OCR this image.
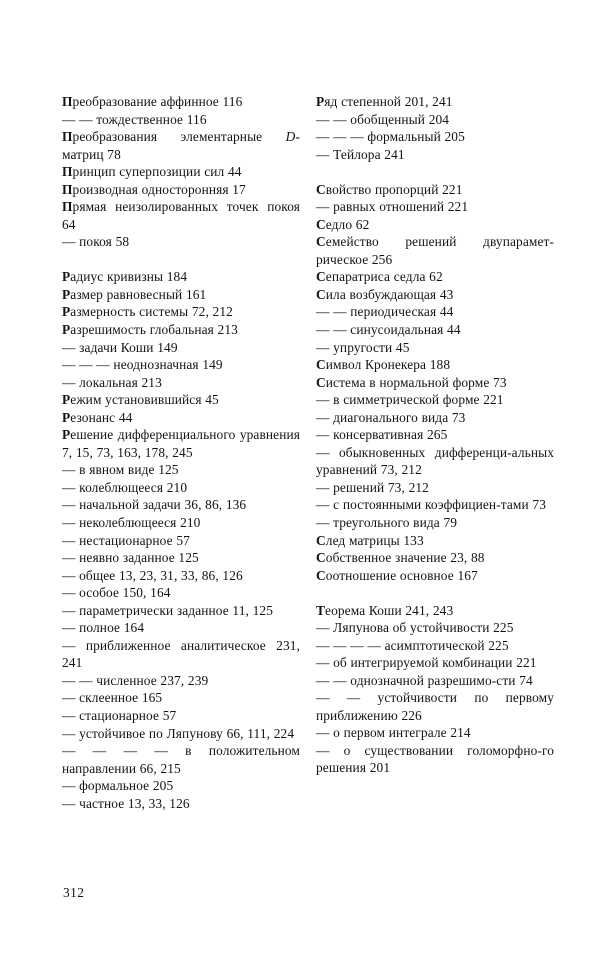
Преобразование аффинное 116

— — тождественное 116

Преобразования элементарные D-матриц 78

Принцип суперпозиции сил 44

Производная односторонняя 17

Прямая неизолированных точек покоя 64

— покоя 58

Радиус кривизны 184

Размер равновесный 161

Размерность системы 72, 212

Разрешимость глобальная 213

— задачи Коши 149

— — — неоднозначная 149

— локальная 213

Режим установившийся 45

Резонанс 44

Решение дифференциального уравнения 7, 15, 73, 163, 178, 245

— в явном виде 125

— колеблющееся 210

— начальной задачи 36, 86, 136

— неколеблющееся 210

— нестационарное 57

— неявно заданное 125

— общее 13, 23, 31, 33, 86, 126

— особое 150, 164

— параметрически заданное 11, 125

— полное 164

— приближенное аналитическое 231, 241

— — численное 237, 239

— склеенное 165

— стационарное 57

— устойчивое по Ляпунову 66, 111, 224

— — — — в положительном направлении 66, 215

— формальное 205

— частное 13, 33, 126

Ряд степенной 201, 241

— — обобщенный 204

— — — формальный 205

— Тейлора 241

Свойство пропорций 221

— равных отношений 221

Седло 62

Семейство решений двупарамет-рическое 256

Сепаратриса седла 62

Сила возбуждающая 43

— — периодическая 44

— — синусоидальная 44

— упругости 45

Символ Кронекера 188

Система в нормальной форме 73

— в симметрической форме 221

— диагонального вида 73

— консервативная 265

— обыкновенных дифференци-альных уравнений 73, 212

— решений 73, 212

— с постоянными коэффициен-тами 73

— треугольного вида 79

След матрицы 133

Собственное значение 23, 88

Соотношение основное 167

Теорема Коши 241, 243

— Ляпунова об устойчивости 225

— — — — асимптотической 225

— об интегрируемой комбинации 221

— — однозначной разрешимо-сти 74

— — устойчивости по первому приближению 226

— о первом интеграле 214

— о существовании голоморфно-го решения 201

312
